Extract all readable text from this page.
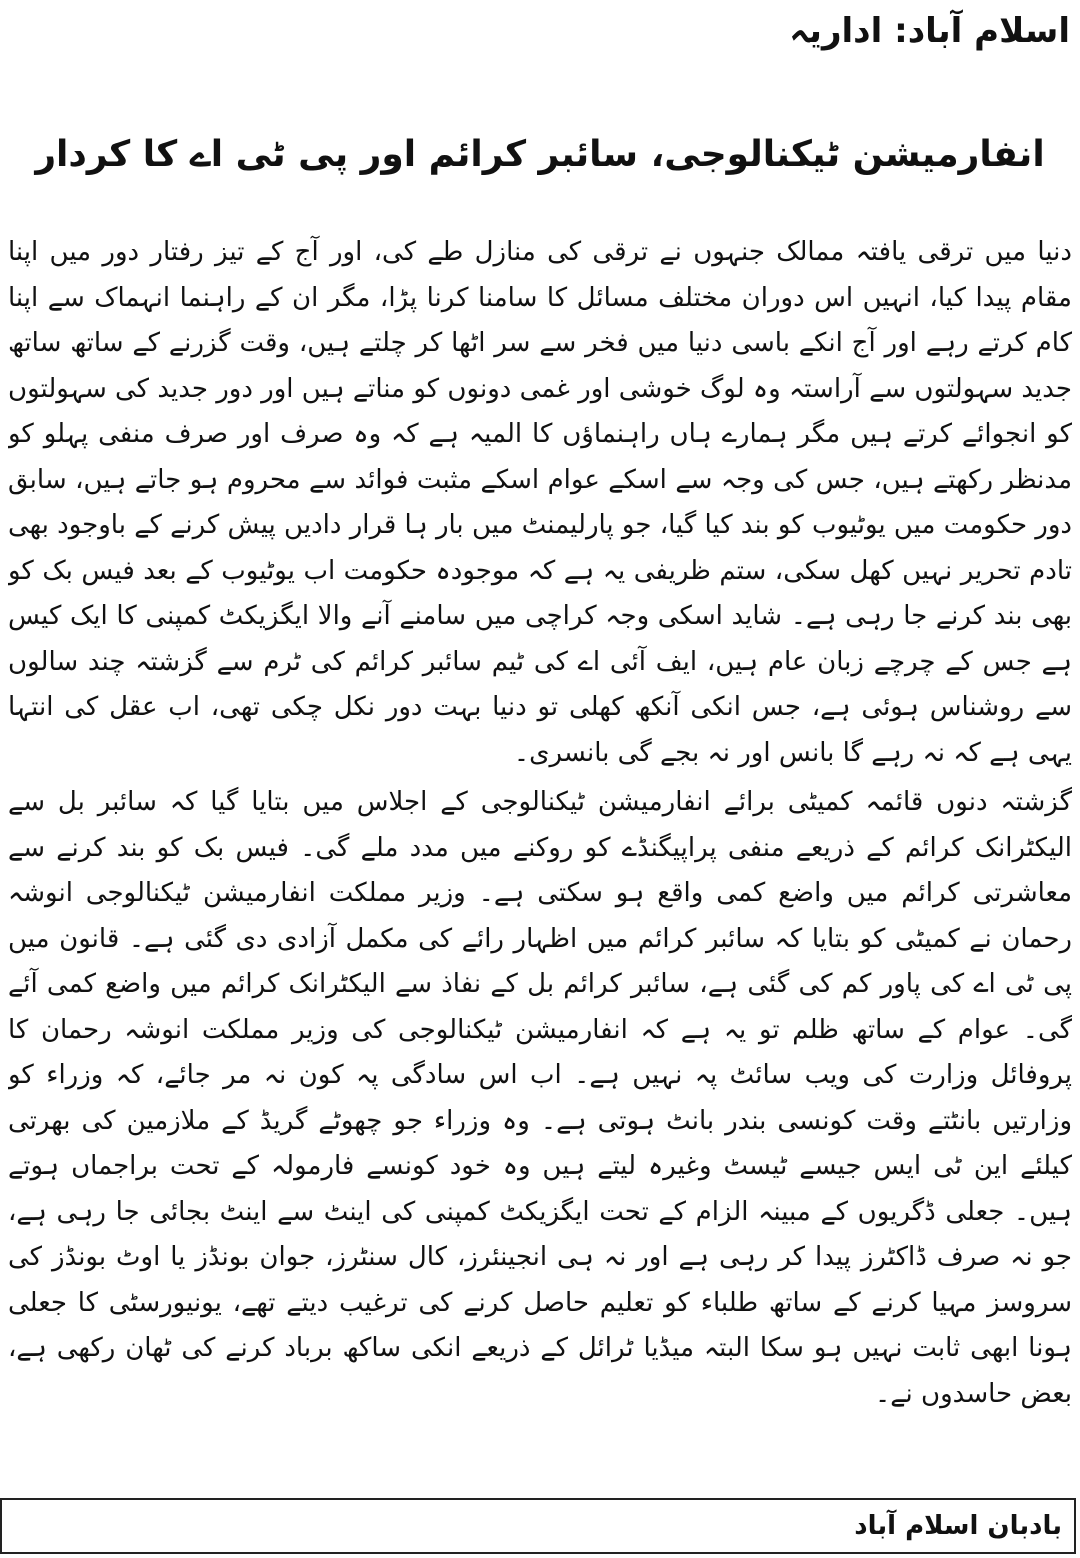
اسلام آباد: اداریہ
انفارمیشن ٹیکنالوجی، سائبر کرائم اور پی ٹی اے کا کردار

دنیا میں ترقی یافتہ ممالک جنہوں نے ترقی کی منازل طے کی، اور آج کے تیز رفتار دور میں اپنا مقام پیدا کیا، انہیں اس دوران مختلف مسائل کا سامنا کرنا پڑا، مگر ان کے راہنما انہماک سے اپنا کام کرتے رہے اور آج انکے باسی دنیا میں فخر سے سر اٹھا کر چلتے ہیں، وقت گزرنے کے ساتھ ساتھ جدید سہولتوں سے آراستہ وہ لوگ خوشی اور غمی دونوں کو مناتے ہیں اور دور جدید کی سہولتوں کو انجوائے کرتے ہیں مگر ہمارے ہاں راہنماؤں کا المیہ ہے کہ وہ صرف اور صرف منفی پہلو کو مدنظر رکھتے ہیں، جس کی وجہ سے اسکے عوام اسکے مثبت فوائد سے محروم ہو جاتے ہیں، سابق دور حکومت میں یوٹیوب کو بند کیا گیا، جو پارلیمنٹ میں بار ہا قرار دادیں پیش کرنے کے باوجود بھی تادم تحریر نہیں کھل سکی، ستم ظریفی یہ ہے کہ موجودہ حکومت اب یوٹیوب کے بعد فیس بک کو بھی بند کرنے جا رہی ہے۔ شاید اسکی وجہ کراچی میں سامنے آنے والا ایگزیکٹ کمپنی کا ایک کیس ہے جس کے چرچے زبان عام ہیں، ایف آئی اے کی ٹیم سائبر کرائم کی ٹرم سے گزشتہ چند سالوں سے روشناس ہوئی ہے، جس انکی آنکھ کھلی تو دنیا بہت دور نکل چکی تھی، اب عقل کی انتہا یہی ہے کہ نہ رہے گا بانس اور نہ بجے گی بانسری۔

گزشتہ دنوں قائمہ کمیٹی برائے انفارمیشن ٹیکنالوجی کے اجلاس میں بتایا گیا کہ سائبر بل سے الیکٹرانک کرائم کے ذریعے منفی پراپیگنڈے کو روکنے میں مدد ملے گی۔ فیس بک کو بند کرنے سے معاشرتی کرائم میں واضع کمی واقع ہو سکتی ہے۔ وزیر مملکت انفارمیشن ٹیکنالوجی انوشہ رحمان نے کمیٹی کو بتایا کہ سائبر کرائم میں اظہار رائے کی مکمل آزادی دی گئی ہے۔ قانون میں پی ٹی اے کی پاور کم کی گئی ہے، سائبر کرائم بل کے نفاذ سے الیکٹرانک کرائم میں واضع کمی آئے گی۔ عوام کے ساتھ ظلم تو یہ ہے کہ انفارمیشن ٹیکنالوجی کی وزیر مملکت انوشہ رحمان کا پروفائل وزارت کی ویب سائٹ پہ نہیں ہے۔ اب اس سادگی پہ کون نہ مر جائے، کہ وزراء کو وزارتیں بانٹتے وقت کونسی بندر بانٹ ہوتی ہے۔ وہ وزراء جو چھوٹے گریڈ کے ملازمین کی بھرتی کیلئے این ٹی ایس جیسے ٹیسٹ وغیرہ لیتے ہیں وہ خود کونسے فارمولہ کے تحت براجماں ہوتے ہیں۔ جعلی ڈگریوں کے مبینہ الزام کے تحت ایگزیکٹ کمپنی کی اینٹ سے اینٹ بجائی جا رہی ہے، جو نہ صرف ڈاکٹرز پیدا کر رہی ہے اور نہ ہی انجینئرز، کال سنٹرز، جوان بونڈز یا اوٹ بونڈز کی سروسز مہیا کرنے کے ساتھ طلباء کو تعلیم حاصل کرنے کی ترغیب دیتے تھے، یونیورسٹی کا جعلی ہونا ابھی ثابت نہیں ہو سکا البتہ میڈیا ٹرائل کے ذریعے انکی ساکھ برباد کرنے کی ٹھان رکھی ہے، بعض حاسدوں نے۔

بادبان اسلام آباد
